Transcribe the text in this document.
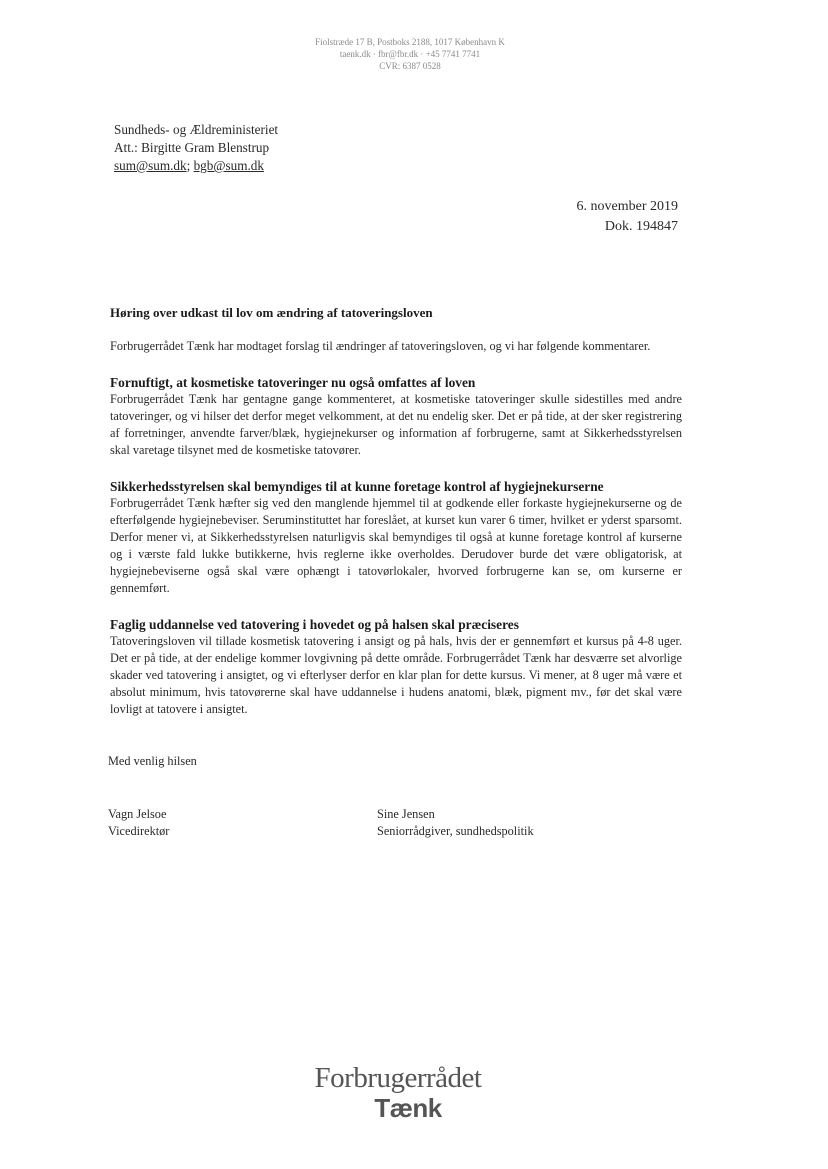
Fiolstræde 17 B, Postboks 2188, 1017 København K
taenk.dk · fbr@fbr.dk · +45 7741 7741
CVR: 6387 0528
Sundheds- og Ældreministeriet
Att.: Birgitte Gram Blenstrup
sum@sum.dk; bgb@sum.dk
6. november 2019
Dok. 194847
Høring over udkast til lov om ændring af tatoveringsloven

Forbrugerrådet Tænk har modtaget forslag til ændringer af tatoveringsloven, og vi har følgende kommentarer.

Fornuftigt, at kosmetiske tatoveringer nu også omfattes af loven

Forbrugerrådet Tænk har gentagne gange kommenteret, at kosmetiske tatoveringer skulle sidestilles med andre tatoveringer, og vi hilser det derfor meget velkomment, at det nu endelig sker. Det er på tide, at der sker registrering af forretninger, anvendte farver/blæk, hygiejnekurser og information af forbrugerne, samt at Sikkerhedsstyrelsen skal varetage tilsynet med de kosmetiske tatovører.

Sikkerhedsstyrelsen skal bemyndiges til at kunne foretage kontrol af hygiejnekurserne

Forbrugerrådet Tænk hæfter sig ved den manglende hjemmel til at godkende eller forkaste hygiejnekurserne og de efterfølgende hygiejnebeviser. Seruminstituttet har foreslået, at kurset kun varer 6 timer, hvilket er yderst sparsomt. Derfor mener vi, at Sikkerhedsstyrelsen naturligvis skal bemyndiges til også at kunne foretage kontrol af kurserne og i værste fald lukke butikkerne, hvis reglerne ikke overholdes. Derudover burde det være obligatorisk, at hygiejnebeviserne også skal være ophængt i tatovørlokaler, hvorved forbrugerne kan se, om kurserne er gennemført.

Faglig uddannelse ved tatovering i hovedet og på halsen skal præciseres

Tatoveringsloven vil tillade kosmetisk tatovering i ansigt og på hals, hvis der er gennemført et kursus på 4-8 uger. Det er på tide, at der endelige kommer lovgivning på dette område. Forbrugerrådet Tænk har desværre set alvorlige skader ved tatovering i ansigtet, og vi efterlyser derfor en klar plan for dette kursus. Vi mener, at 8 uger må være et absolut minimum, hvis tatovørerne skal have uddannelse i hudens anatomi, blæk, pigment mv., før det skal være lovligt at tatovere i ansigtet.

Med venlig hilsen
Vagn Jelsoe
Vicedirektør
Sine Jensen
Seniorrådgiver, sundhedspolitik
Forbrugerrådet
Tænk
